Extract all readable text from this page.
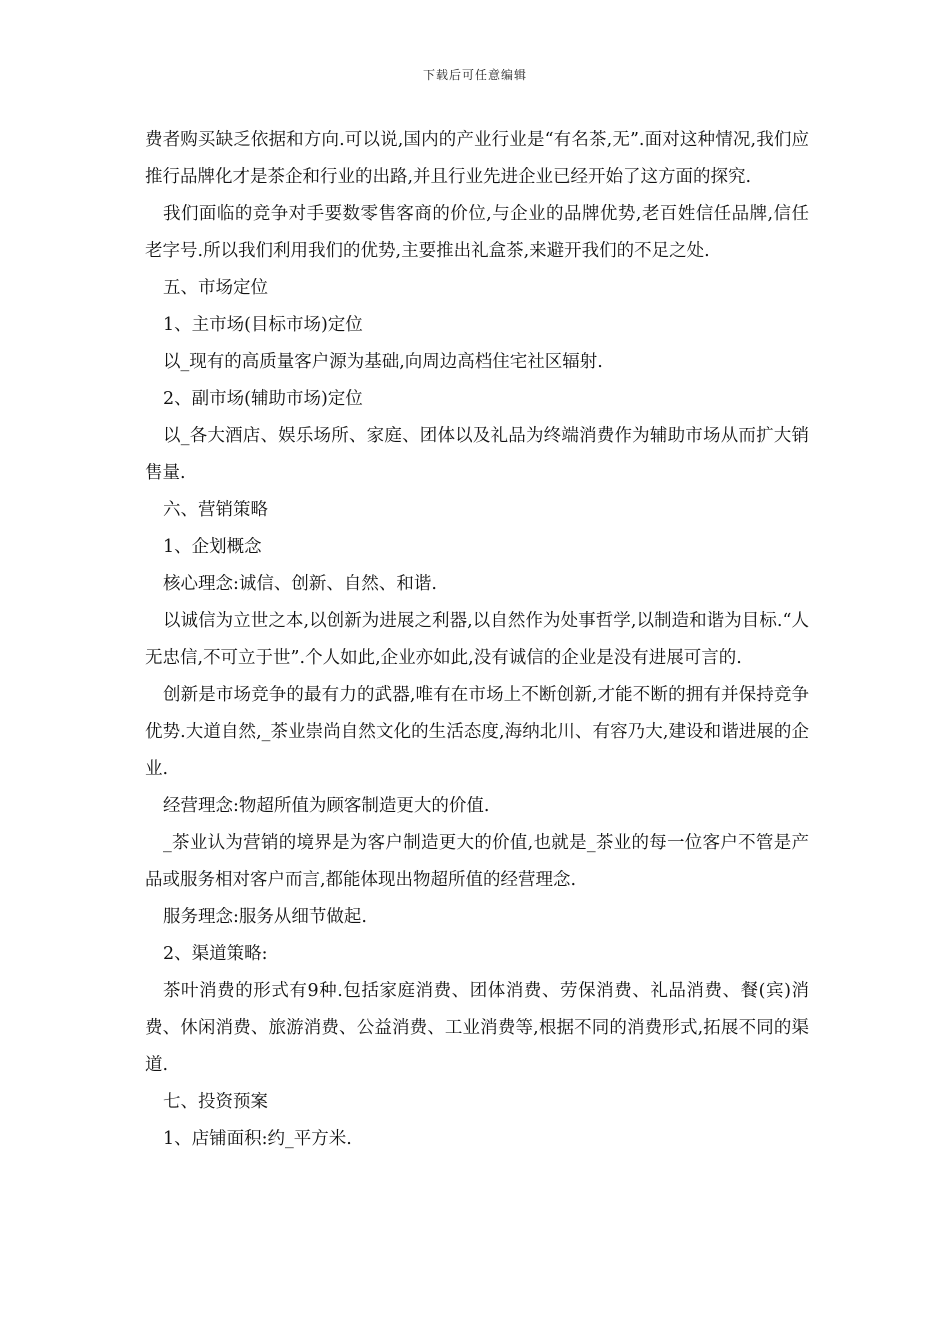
下载后可任意编辑

费者购买缺乏依据和方向.可以说,国内的产业行业是“有名茶,无”.面对这种情况,我们应推行品牌化才是茶企和行业的出路,并且行业先进企业已经开始了这方面的探究.

我们面临的竞争对手要数零售客商的价位,与企业的品牌优势,老百姓信任品牌,信任老字号.所以我们利用我们的优势,主要推出礼盒茶,来避开我们的不足之处.

五、市场定位

1、主市场(目标市场)定位

以_现有的高质量客户源为基础,向周边高档住宅社区辐射.

2、副市场(辅助市场)定位

以_各大酒店、娱乐场所、家庭、团体以及礼品为终端消费作为辅助市场从而扩大销售量.

六、营销策略

1、企划概念

核心理念:诚信、创新、自然、和谐.

以诚信为立世之本,以创新为进展之利器,以自然作为处事哲学,以制造和谐为目标.“人无忠信,不可立于世”.个人如此,企业亦如此,没有诚信的企业是没有进展可言的.

创新是市场竞争的最有力的武器,唯有在市场上不断创新,才能不断的拥有并保持竞争优势.大道自然,_茶业崇尚自然文化的生活态度,海纳北川、有容乃大,建设和谐进展的企业.

经营理念:物超所值为顾客制造更大的价值.

_茶业认为营销的境界是为客户制造更大的价值,也就是_茶业的每一位客户不管是产品或服务相对客户而言,都能体现出物超所值的经营理念.

服务理念:服务从细节做起.

2、渠道策略:

茶叶消费的形式有9种.包括家庭消费、团体消费、劳保消费、礼品消费、餐(宾)消费、休闲消费、旅游消费、公益消费、工业消费等,根据不同的消费形式,拓展不同的渠道.

七、投资预案

1、店铺面积:约_平方米.
